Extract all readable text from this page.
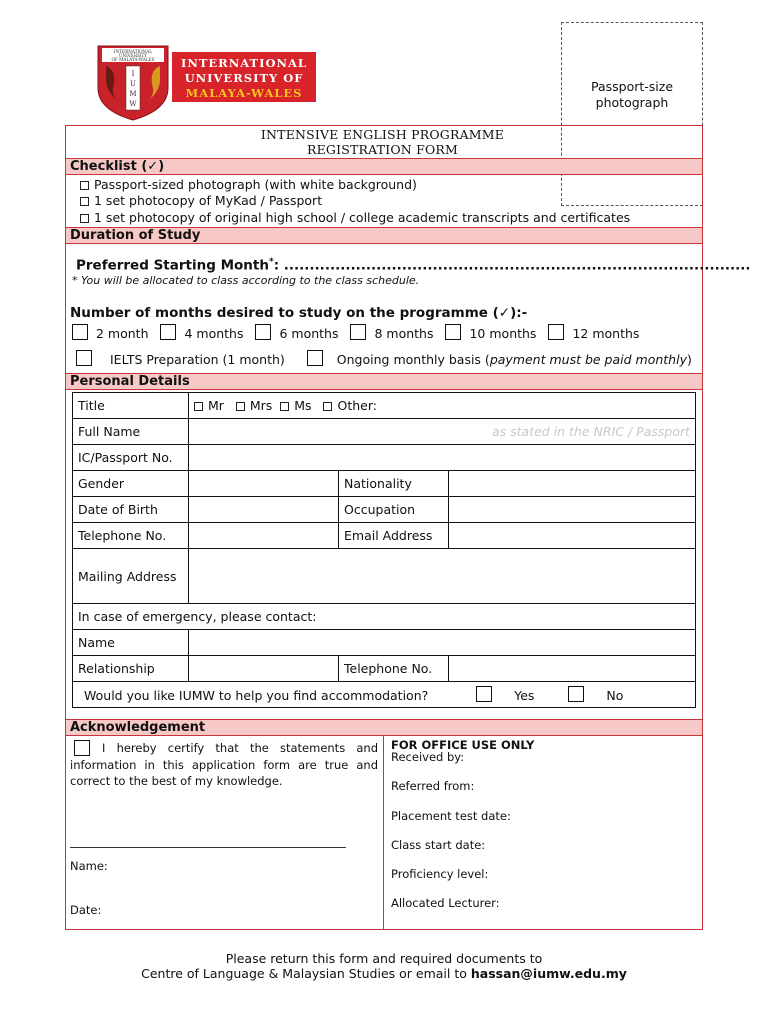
INTERNATIONAL
UNIVERSITY
OF MALAYA-WALES
I
U
M
W
INTERNATIONAL
UNIVERSITY OF
MALAYA-WALES	Passport-size
photograph
INTENSIVE ENGLISH PROGRAMME
REGISTRATION FORM
Checklist (✓)
Passport-sized photograph (with white background)
1 set photocopy of MyKad / Passport
1 set photocopy of original high school / college academic transcripts and certificates
Duration of Study
Preferred Starting Month*: ...........................................................................................
* You will be allocated to class according to the class schedule.
Number of months desired to study on the programme (✓):-
2 month	4 months	6 months	8 months	10 months	12 months
IELTS Preparation (1 month)	Ongoing monthly basis (payment must be paid monthly)
Personal Details
Title	Mr Mrs Ms Other:		
Full Name	as stated in the NRIC / Passport		
IC/Passport No.			
Gender		Nationality	
Date of Birth		Occupation	
Telephone No.		Email Address	
Mailing Address			
In case of emergency, please contact:			
Name			
Relationship		Telephone No.	
Would you like IUMW to help you find accommodation? Yes No			
Acknowledgement
I hereby certify that the statements and information in this application form are true and correct to the best of my knowledge.
Name:
Date:
FOR OFFICE USE ONLY
Received by:
Referred from:
Placement test date:
Class start date:
Proficiency level:
Allocated Lecturer:
Please return this form and required documents to
Centre of Language & Malaysian Studies or email to hassan@iumw.edu.my
